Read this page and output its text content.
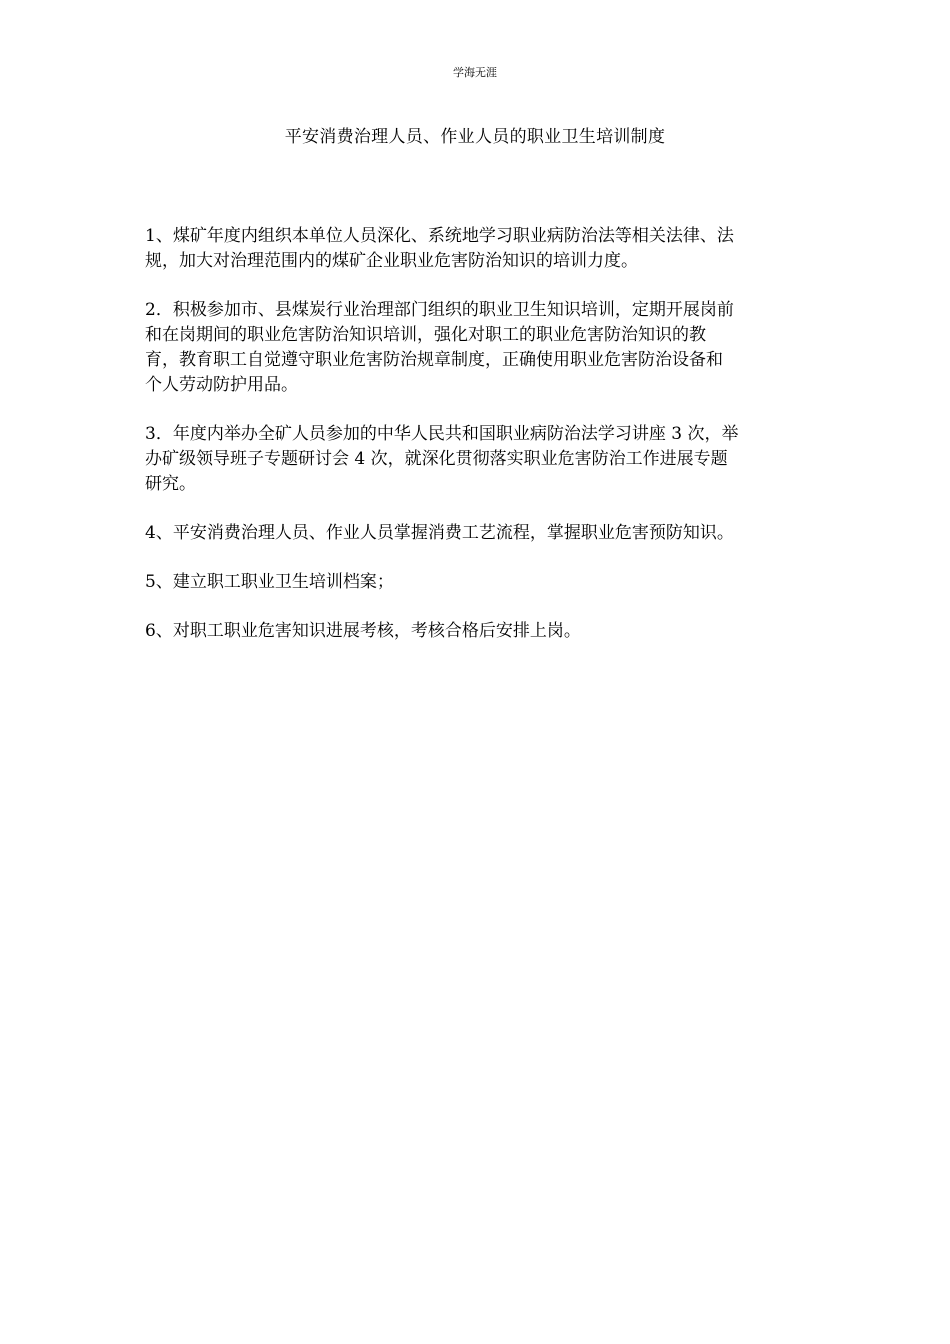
学海无涯
平安消费治理人员、作业人员的职业卫生培训制度
1、煤矿年度内组织本单位人员深化、系统地学习职业病防治法等相关法律、法
规，加大对治理范围内的煤矿企业职业危害防治知识的培训力度。
2．积极参加市、县煤炭行业治理部门组织的职业卫生知识培训，定期开展岗前
和在岗期间的职业危害防治知识培训，强化对职工的职业危害防治知识的教
育，教育职工自觉遵守职业危害防治规章制度，正确使用职业危害防治设备和
个人劳动防护用品。
3．年度内举办全矿人员参加的中华人民共和国职业病防治法学习讲座 3 次，举
办矿级领导班子专题研讨会 4 次，就深化贯彻落实职业危害防治工作进展专题
研究。
4、平安消费治理人员、作业人员掌握消费工艺流程，掌握职业危害预防知识。
5、建立职工职业卫生培训档案；
6、对职工职业危害知识进展考核，考核合格后安排上岗。
